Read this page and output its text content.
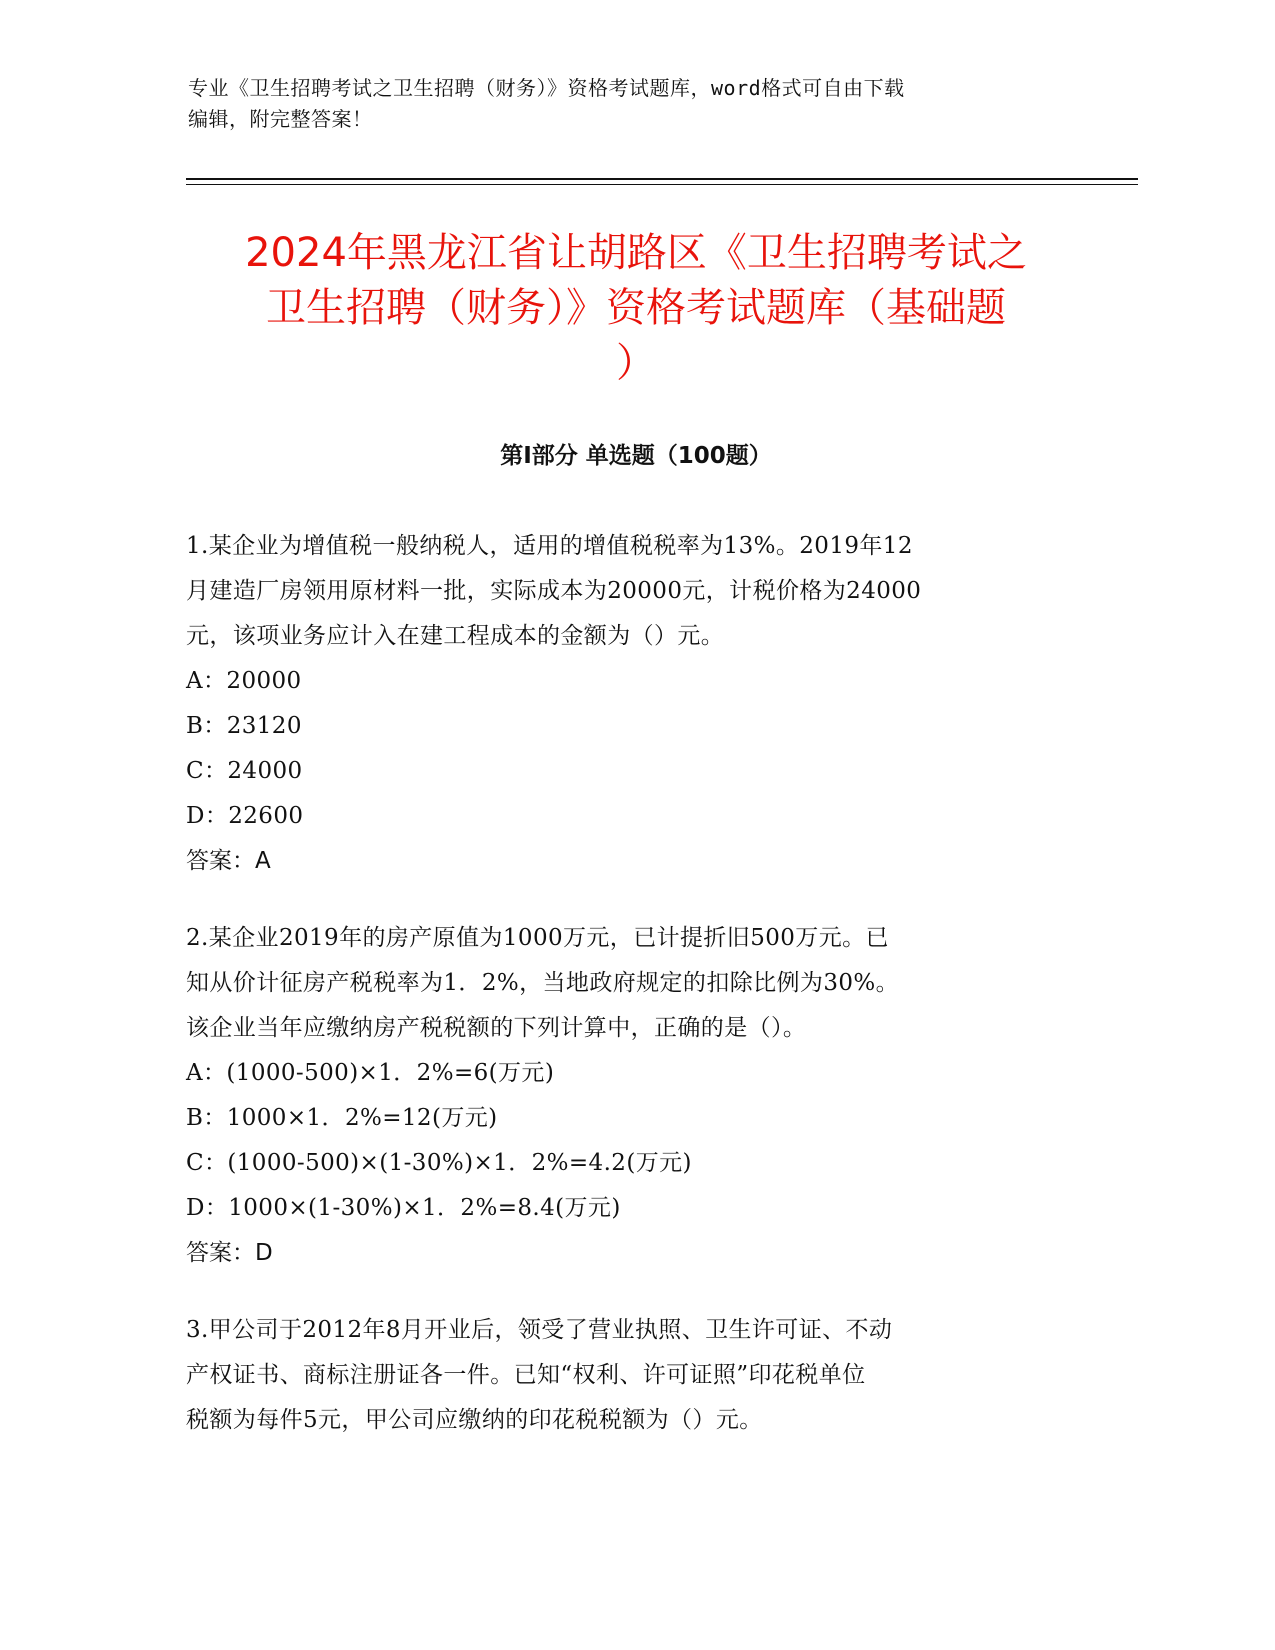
专业《卫生招聘考试之卫生招聘（财务）》资格考试题库，word格式可自由下载

编辑，附完整答案！

2024年黑龙江省让胡路区《卫生招聘考试之
卫生招聘（财务）》资格考试题库（基础题
）
第Ⅰ部分 单选题（100题）

1.某企业为增值税一般纳税人，适用的增值税税率为13%。2019年12

月建造厂房领用原材料一批，实际成本为20000元，计税价格为24000

元，该项业务应计入在建工程成本的金额为（）元。

A：20000

B：23120

C：24000

D：22600

答案：A

2.某企业2019年的房产原值为1000万元，已计提折旧500万元。已

知从价计征房产税税率为1．2%，当地政府规定的扣除比例为30%。

该企业当年应缴纳房产税税额的下列计算中，正确的是（）。

A：(1000-500)×1．2%=6(万元)

B：1000×1．2%=12(万元)

C：(1000-500)×(1-30%)×1．2%=4.2(万元)

D：1000×(1-30%)×1．2%=8.4(万元)

答案：D

3.甲公司于2012年8月开业后，领受了营业执照、卫生许可证、不动

产权证书、商标注册证各一件。已知“权利、许可证照”印花税单位

税额为每件5元，甲公司应缴纳的印花税税额为（）元。
